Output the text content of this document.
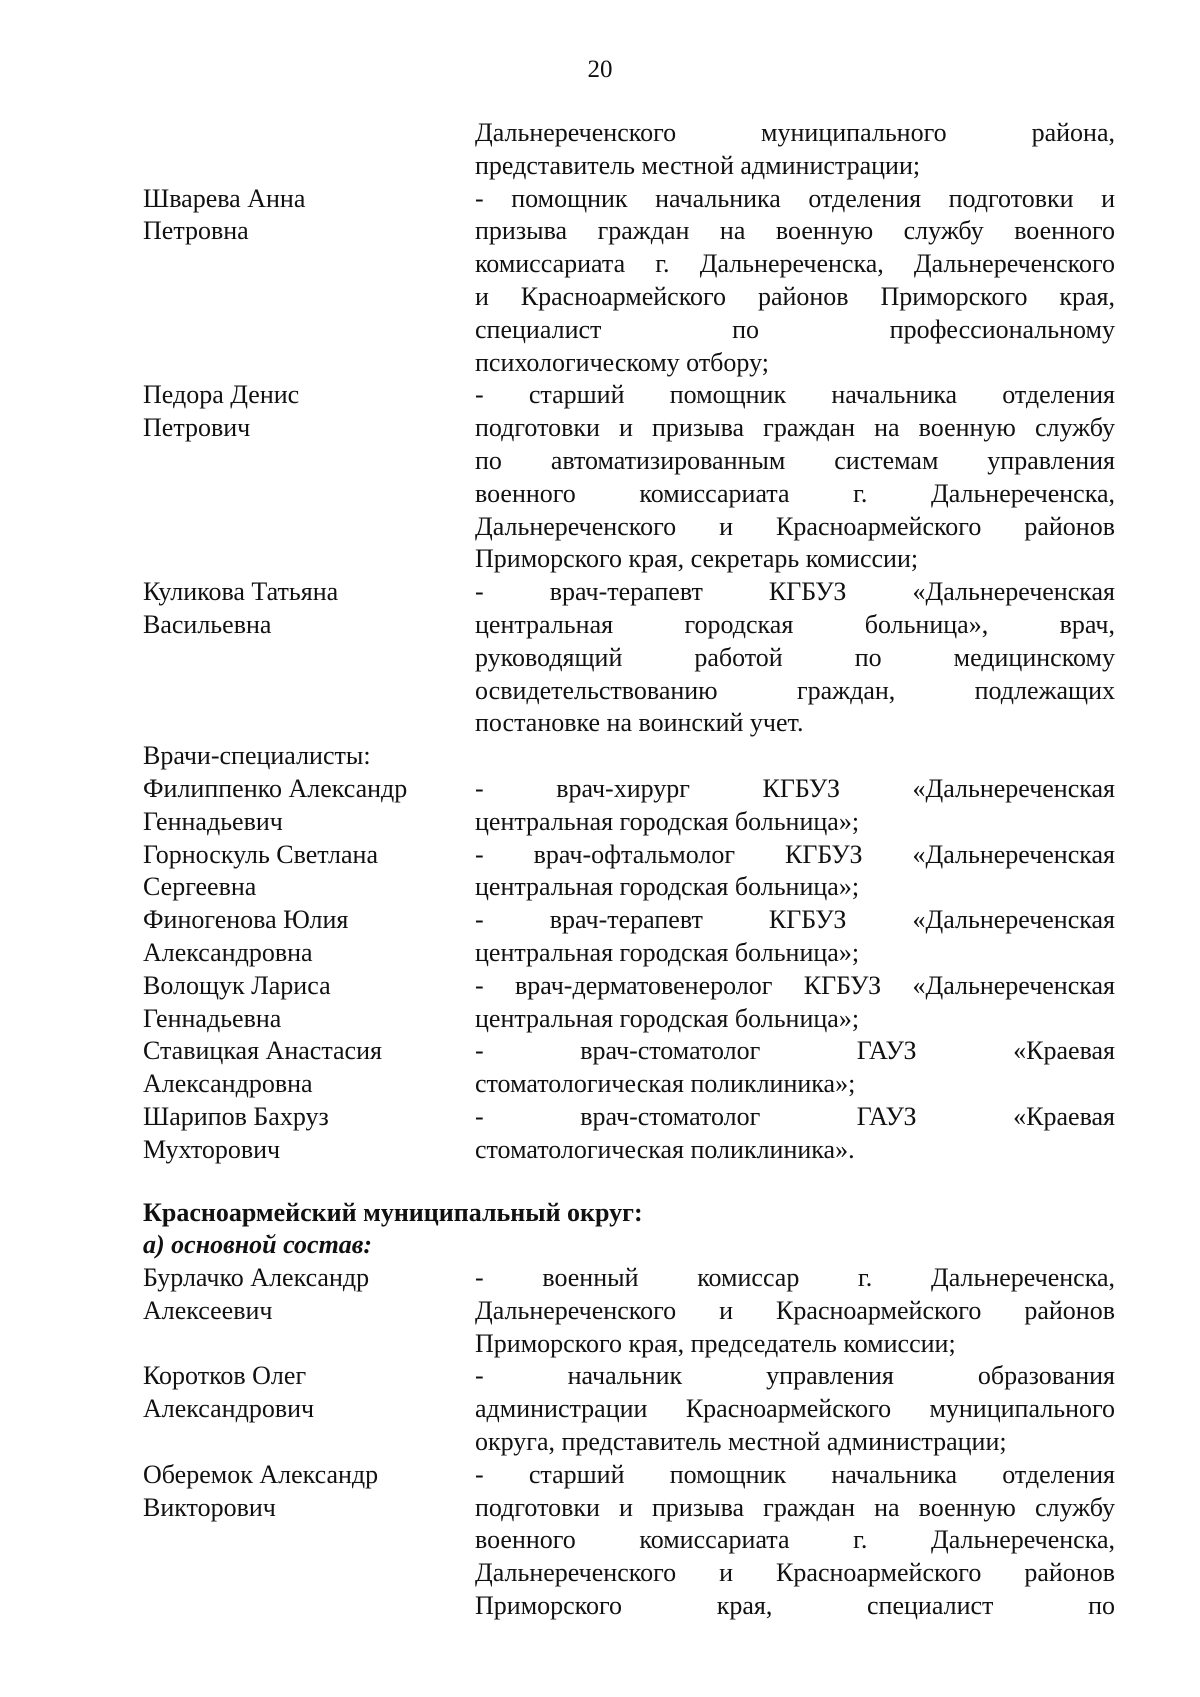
20
Дальнереченского муниципального района,
представитель местной администрации;
Шварева Анна
Петровна
- помощник начальника отделения подготовки и
призыва граждан на военную службу военного
комиссариата г. Дальнереченска, Дальнереченского
и Красноармейского районов Приморского края,
специалист по профессиональному
психологическому отбору;
Педора Денис
Петрович
- старший помощник начальника отделения
подготовки и призыва граждан на военную службу
по автоматизированным системам управления
военного комиссариата г. Дальнереченска,
Дальнереченского и Красноармейского районов
Приморского края, секретарь комиссии;
Куликова Татьяна
Васильевна
- врач-терапевт КГБУЗ «Дальнереченская
центральная городская больница», врач,
руководящий работой по медицинскому
освидетельствованию граждан, подлежащих
постановке на воинский учет.
Врачи-специалисты:
Филиппенко Александр
Геннадьевич
- врач-хирург КГБУЗ «Дальнереченская
центральная городская больница»;
Горноскуль Светлана
Сергеевна
- врач-офтальмолог КГБУЗ «Дальнереченская
центральная городская больница»;
Финогенова Юлия
Александровна
- врач-терапевт КГБУЗ «Дальнереченская
центральная городская больница»;
Волощук Лариса
Геннадьевна
- врач-дерматовенеролог КГБУЗ «Дальнереченская
центральная городская больница»;
Ставицкая Анастасия
Александровна
- врач-стоматолог ГАУЗ «Краевая
стоматологическая поликлиника»;
Шарипов Бахруз
Мухторович
- врач-стоматолог ГАУЗ «Краевая
стоматологическая поликлиника».
Красноармейский муниципальный округ:
а) основной состав:
Бурлачко Александр
Алексеевич
- военный комиссар г. Дальнереченска,
Дальнереченского и Красноармейского районов
Приморского края, председатель комиссии;
Коротков Олег
Александрович
- начальник управления образования
администрации Красноармейского муниципального
округа, представитель местной администрации;
Оберемок Александр
Викторович
- старший помощник начальника отделения
подготовки и призыва граждан на военную службу
военного комиссариата г. Дальнереченска,
Дальнереченского и Красноармейского районов
Приморского края, специалист по
